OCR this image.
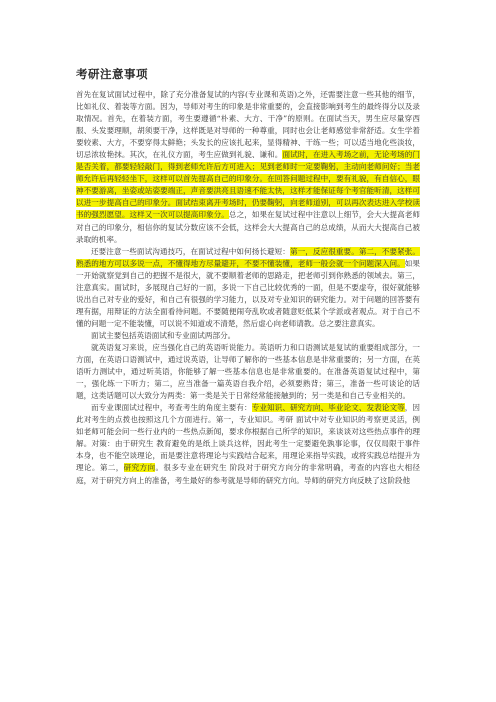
考研注意事项

首先在复试面试过程中，除了充分准备复试的内容(专业课和英语)之外，还需要注意一些其他的细节，比如礼仪、着装等方面。因为，导师对考生的印象是非常重要的，会直接影响到考生的最终得分以及录取情况。首先，在着装方面，考生要遵循“朴素、大方、干净”的原则。在面试当天，男生应尽量穿西服、头发要理顺，胡须要干净，这样既是对导师的一种尊重，同时也会让老师感觉非常舒适。女生学着要较素、大方，不要穿得太鲜艳；头发长的应该扎起来，显得精神、干练一些；可以适当地化些淡妆，切忌浓妆艳抹。其次，在礼仪方面，考生应做到礼貌、谦和。面试时，在进入考场之前，无论考场的门是否关着，都要轻轻敲门，得到老师允许后方可进入；见到老师时一定要鞠躬，主动向老师问好；当老师允许后再轻轻坐下，这样可以首先提高自己的印象分。在回答问题过程中，要有礼貌，有自信心，眼神不要游离，坐姿或站姿要端正，声音要洪亮且语速不能太快，这样才能保证每个考官能听清，这样可以进一步提高自己的印象分。面试结束离开考场时，仍要鞠躬，向老师道别，可以再次表达进入学校读书的强烈愿望。这样又一次可以提高印象分。总之，如果在复试过程中注意以上细节，会大大提高老师对自己的印象分，相信你的复试分数应该不会低，这样会大大提高自己的总成绩，从而大大提高自己被录取的机率。

还要注意一些面试沟通技巧，在面试过程中如何扬长避短：第一，反应很重要。第二，不要紧张。熟悉的地方可以多说一点，不懂得地方尽量避开，不要不懂装懂，老师一般会就一个问题深入问。如果一开始就察觉到自己的把握不是很大，就不要顺着老师的思路走，把老师引到你熟悉的领域去。第三，注意真实。面试时，多展现自己好的一面，多说一下自己比较优秀的一面，但是不要虚夸，很好就能够说出自己对专业的爱好，和自己有很强的学习能力，以及对专业知识的研究能力。对于问题的回答要有理有据，用辩证的方法全面看待问题。不要随便闹夸乱吹或者随意贬低某个学派或者观点。对于自己不懂的问题一定不能装懂，可以说不知道或不清楚，然后虚心向老师请教。总之要注意真实。

面试主要包括英语面试和专业面试两部分。

就英语复习来说，应当强化自己的英语听说能力。英语听力和口语测试是复试的重要组成部分，一方面，在英语口语测试中，通过说英语，让导师了解你的一些基本信息是非常重要的；另一方面，在英语听力测试中，通过听英语，你能够了解一些基本信息也是非常重要的。在准备英语复试过程中，第一，强化练一下听力；第二，应当准备一篇英语自我介绍，必须要熟背；第三，准备一些可谈论的话题，这类话题可以大致分为两类：第一类是关于日常经常能接触到的；另一类是和自己专业相关的。

而专业课面试过程中，考查考生的角度主要有：专业知识、研究方向、毕业论文、发表论文等，因此对考生的点拨也按照这几个方面进行。第一，专业知识。考研 面试中对专业知识的考察更灵活，例如老师可能会问一些行业内的一些热点新闻，要求你根据自己所学的知识，来谈谈对这些热点事件的理解。对策：由于研究生 教育避免的是纸上谈兵这样，因此考生一定要避免孰事论事，仅仅局限于事件本身，也不能空谈理论，而是要注意将理论与实践结合起来，用理论来指导实践，或将实践总结提升为理论。第二，研究方向。很多专业在研究生 阶段对于研究方向分的非常明确，考查的内容也大相径庭，对于研究方向上的准备，考生最好的参考就是导师的研究方向。导师的研究方向反映了这阶段他
